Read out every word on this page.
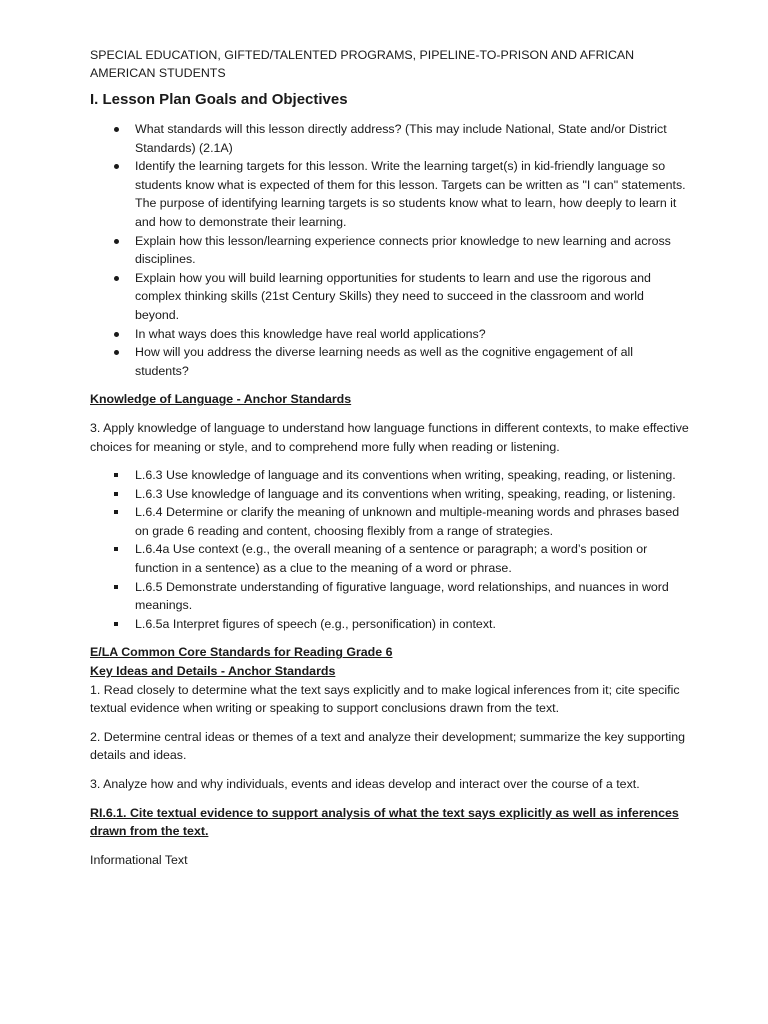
SPECIAL EDUCATION, GIFTED/TALENTED PROGRAMS, PIPELINE-TO-PRISON AND AFRICAN AMERICAN STUDENTS

I. Lesson Plan Goals and Objectives
What standards will this lesson directly address? (This may include National, State and/or District Standards) (2.1A)
Identify the learning targets for this lesson. Write the learning target(s) in kid-friendly language so students know what is expected of them for this lesson. Targets can be written as "I can" statements. The purpose of identifying learning targets is so students know what to learn, how deeply to learn it and how to demonstrate their learning.
Explain how this lesson/learning experience connects prior knowledge to new learning and across disciplines.
Explain how you will build learning opportunities for students to learn and use the rigorous and complex thinking skills (21st Century Skills) they need to succeed in the classroom and world beyond.
In what ways does this knowledge have real world applications?
How will you address the diverse learning needs as well as the cognitive engagement of all students?

Knowledge of Language - Anchor Standards

3. Apply knowledge of language to understand how language functions in different contexts, to make effective choices for meaning or style, and to comprehend more fully when reading or listening.

L.6.3 Use knowledge of language and its conventions when writing, speaking, reading, or listening.
L.6.3 Use knowledge of language and its conventions when writing, speaking, reading, or listening.
L.6.4 Determine or clarify the meaning of unknown and multiple-meaning words and phrases based on grade 6 reading and content, choosing flexibly from a range of strategies.
L.6.4a Use context (e.g., the overall meaning of a sentence or paragraph; a word’s position or function in a sentence) as a clue to the meaning of a word or phrase.
L.6.5 Demonstrate understanding of figurative language, word relationships, and nuances in word meanings.
L.6.5a Interpret figures of speech (e.g., personification) in context.

E/LA Common Core Standards for Reading Grade 6

Key Ideas and Details - Anchor Standards

1. Read closely to determine what the text says explicitly and to make logical inferences from it; cite specific textual evidence when writing or speaking to support conclusions drawn from the text.

2. Determine central ideas or themes of a text and analyze their development; summarize the key supporting details and ideas.

3. Analyze how and why individuals, events and ideas develop and interact over the course of a text.

RI.6.1. Cite textual evidence to support analysis of what the text says explicitly as well as inferences drawn from the text.

Informational Text
